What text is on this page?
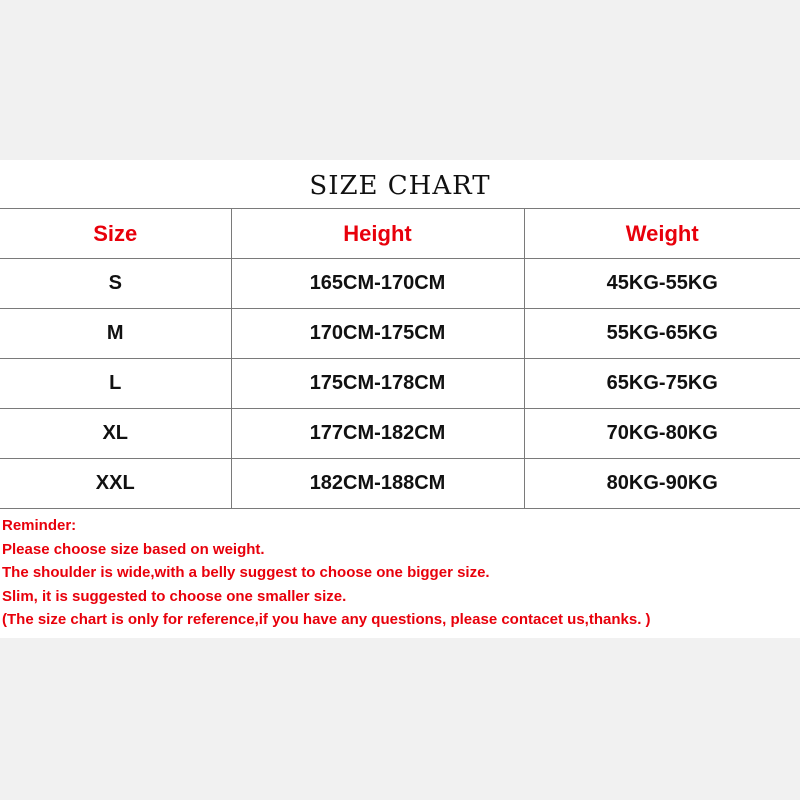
SIZE CHART
Size	Height	Weight
S	165CM-170CM	45KG-55KG
M	170CM-175CM	55KG-65KG
L	175CM-178CM	65KG-75KG
XL	177CM-182CM	70KG-80KG
XXL	182CM-188CM	80KG-90KG
Reminder:
Please choose size based on weight.
The shoulder is wide,with a belly suggest to choose one bigger size.
Slim, it is suggested to choose one smaller size.
(The size chart is only for reference,if you have any questions, please contacet us,thanks. )
